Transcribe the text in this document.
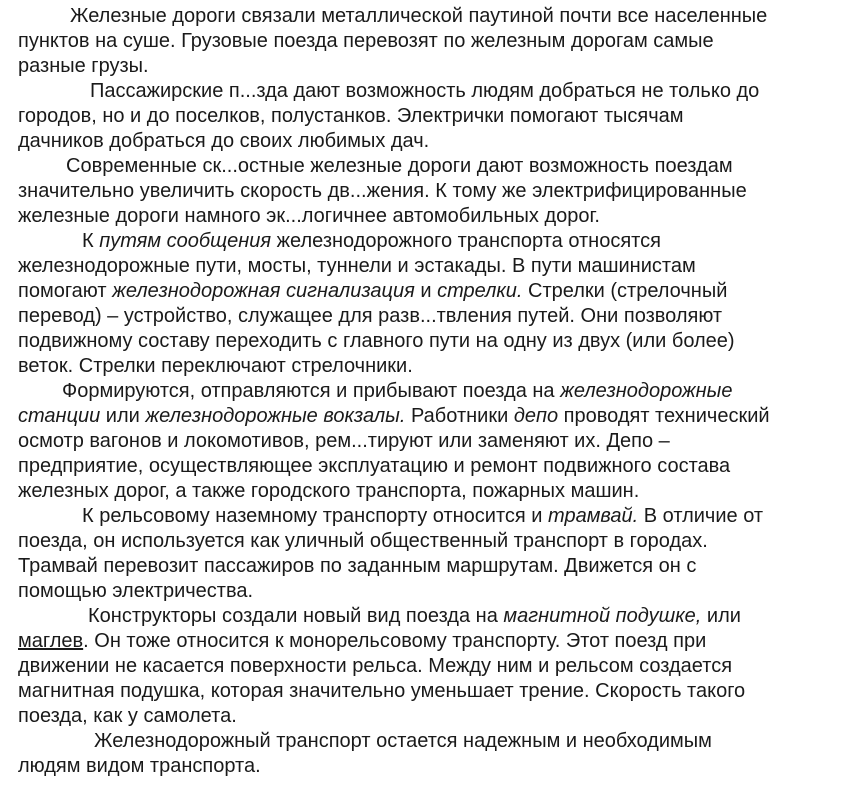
Железные дороги связали металлической паутиной почти все населенные
пунктов на суше. Грузовые поезда перевозят по железным дорогам самые
разные грузы.

Пассажирские п...зда дают возможность людям добраться не только до
городов, но и до поселков, полустанков. Электрички помогают тысячам
дачников добраться до своих любимых дач.

Современные ск...остные железные дороги дают возможность поездам
значительно увеличить скорость дв...жения. К тому же электрифицированные
железные дороги намного эк...логичнее автомобильных дорог.

К путям сообщения железнодорожного транспорта относятся
железнодорожные пути, мосты, туннели и эстакады. В пути машинистам
помогают железнодорожная сигнализация и стрелки. Стрелки (стрелочный
перевод) – устройство, служащее для разв...твления путей. Они позволяют
подвижному составу переходить с главного пути на одну из двух (или более)
веток. Стрелки переключают стрелочники.

Формируются, отправляются и прибывают поезда на железнодорожные
станции или железнодорожные вокзалы. Работники депо проводят технический
осмотр вагонов и локомотивов, рем...тируют или заменяют их. Депо –
предприятие, осуществляющее эксплуатацию и ремонт подвижного состава
железных дорог, а также городского транспорта, пожарных машин.

К рельсовому наземному транспорту относится и трамвай. В отличие от
поезда, он используется как уличный общественный транспорт в городах.
Трамвай перевозит пассажиров по заданным маршрутам. Движется он с
помощью электричества.

Конструкторы создали новый вид поезда на магнитной подушке, или
маглев. Он тоже относится к монорельсовому транспорту. Этот поезд при
движении не касается поверхности рельса. Между ним и рельсом создается
магнитная подушка, которая значительно уменьшает трение. Скорость такого
поезда, как у самолета.

Железнодорожный транспорт остается надежным и необходимым
людям видом транспорта.
